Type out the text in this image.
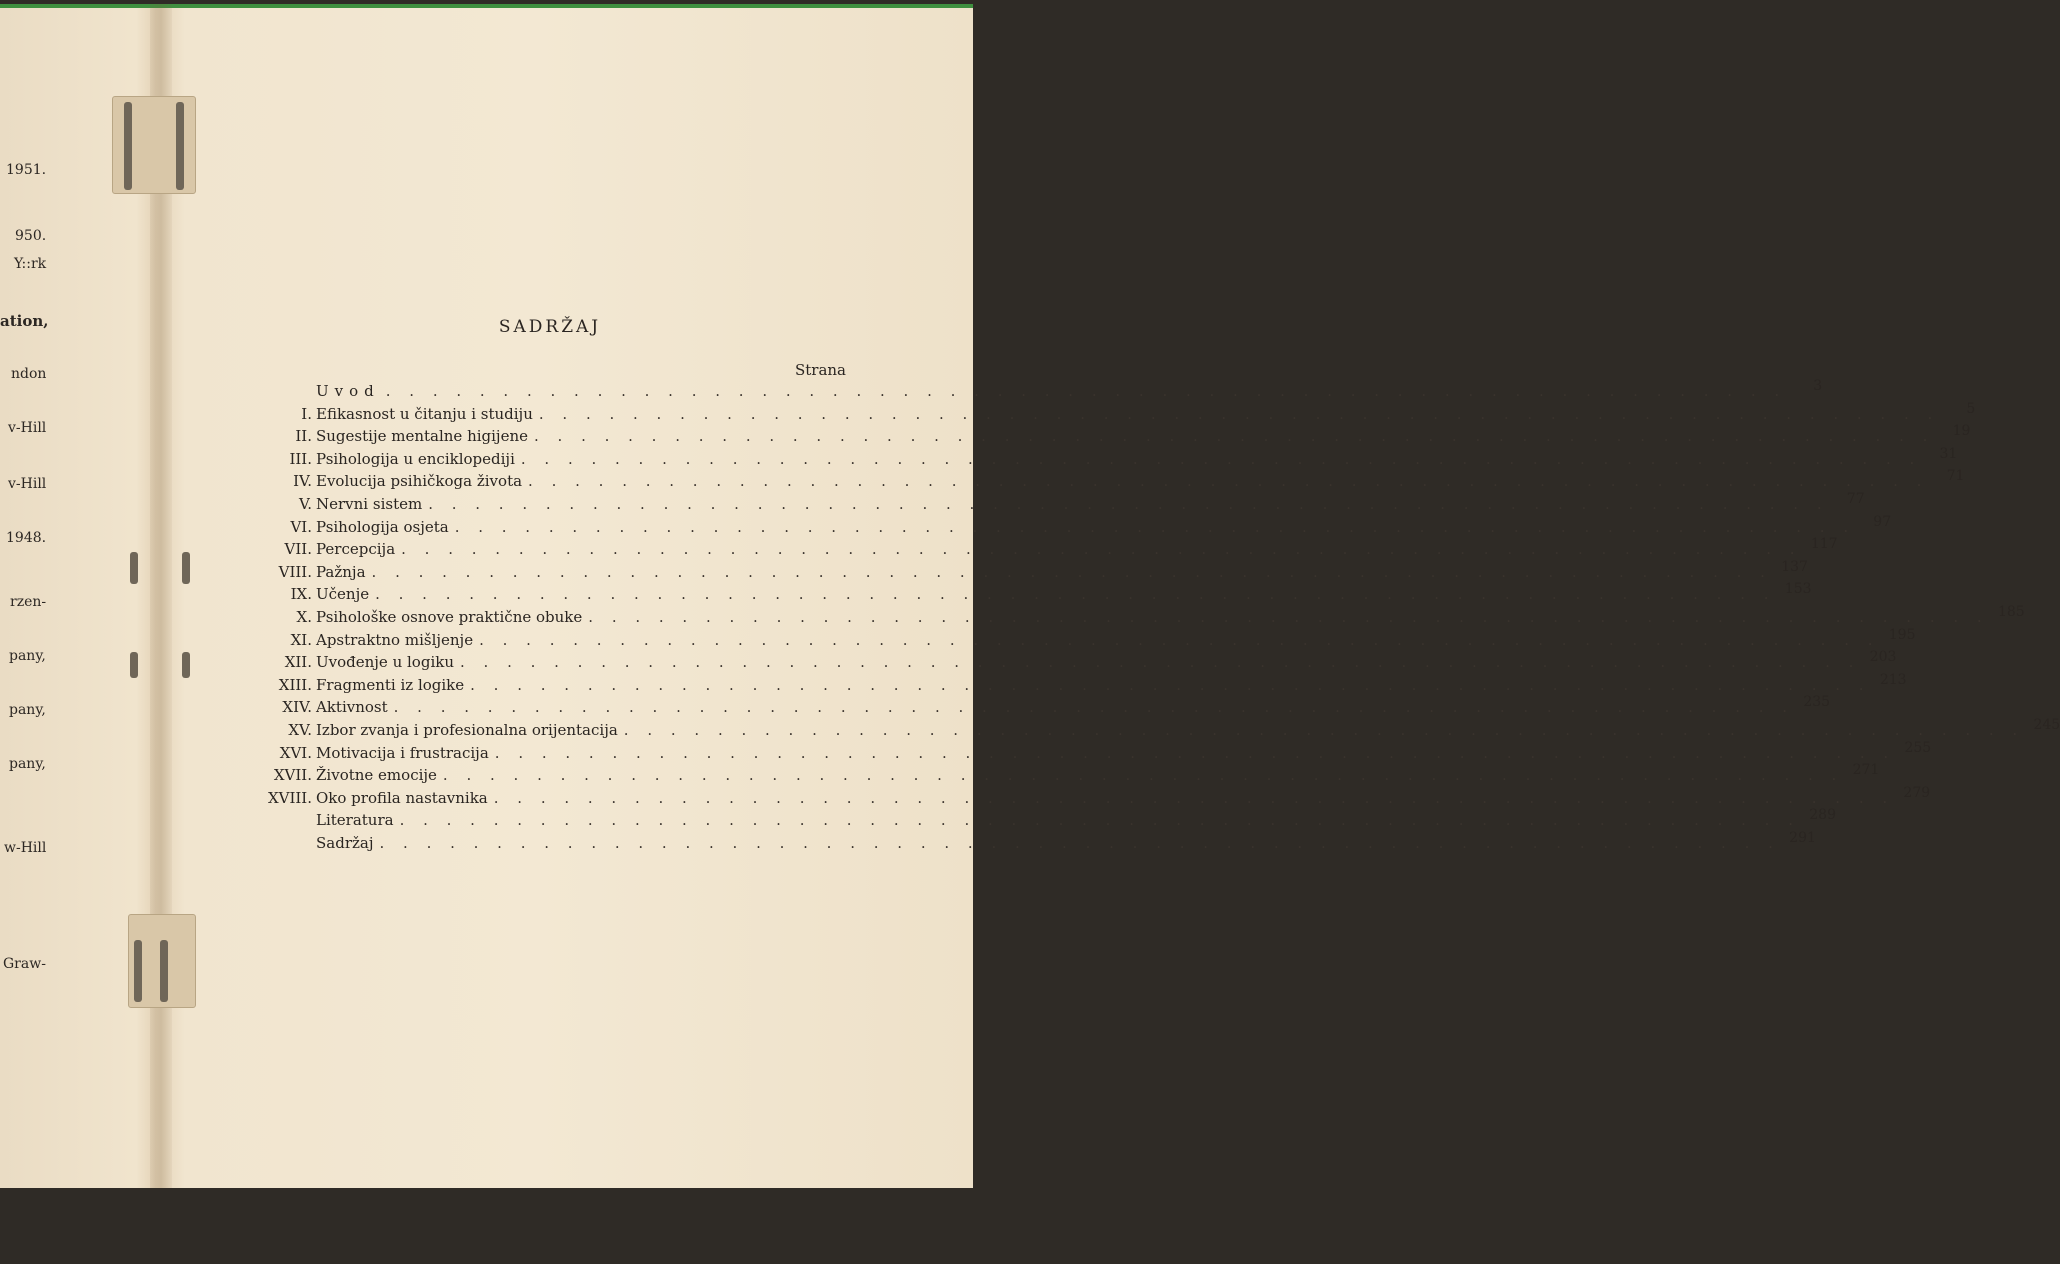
1951.
950.
Y::rk
ation,
ndon
v-Hill
v-Hill
1948.
rzen-
pany,
pany,
pany,
w-Hill
Graw-
SADRŽAJ
Strana
Uvod . . . . . . . . . . . . . . . . . . . . . . . . . . . . . . . . . . . . . . . . . . . . . . . . . . . . . . . . . . . .	3
I. Efikasnost u čitanju i studiju . . . . . . . . . . . . . . . . . . . . . . . . . . . . . . . . . . . . . . . . . . . . . . . . . . . . . . . . . . . .	5
II. Sugestije mentalne higijene . . . . . . . . . . . . . . . . . . . . . . . . . . . . . . . . . . . . . . . . . . . . . . . . . . . . . . . . . . . .	19
III. Psihologija u enciklopediji . . . . . . . . . . . . . . . . . . . . . . . . . . . . . . . . . . . . . . . . . . . . . . . . . . . . . . . . . . . .	31
IV. Evolucija psihičkoga života . . . . . . . . . . . . . . . . . . . . . . . . . . . . . . . . . . . . . . . . . . . . . . . . . . . . . . . . . . . .	71
V. Nervni sistem . . . . . . . . . . . . . . . . . . . . . . . . . . . . . . . . . . . . . . . . . . . . . . . . . . . . . . . . . . . .	77
VI. Psihologija osjeta . . . . . . . . . . . . . . . . . . . . . . . . . . . . . . . . . . . . . . . . . . . . . . . . . . . . . . . . . . . .	97
VII. Percepcija . . . . . . . . . . . . . . . . . . . . . . . . . . . . . . . . . . . . . . . . . . . . . . . . . . . . . . . . . . . . 117
VIII. Pažnja . . . . . . . . . . . . . . . . . . . . . . . . . . . . . . . . . . . . . . . . . . . . . . . . . . . . . . . . . . . . 137
IX. Učenje . . . . . . . . . . . . . . . . . . . . . . . . . . . . . . . . . . . . . . . . . . . . . . . . . . . . . . . . . . . . 153
X. Psihološke osnove praktične obuke . . . . . . . . . . . . . . . . . . . . . . . . . . . . . . . . . . . . . . . . . . . . . . . . . . . . . . . . . . . . 185
XI. Apstraktno mišljenje . . . . . . . . . . . . . . . . . . . . . . . . . . . . . . . . . . . . . . . . . . . . . . . . . . . . . . . . . . . . 195
XII. Uvođenje u logiku . . . . . . . . . . . . . . . . . . . . . . . . . . . . . . . . . . . . . . . . . . . . . . . . . . . . . . . . . . . . 203
XIII. Fragmenti iz logike . . . . . . . . . . . . . . . . . . . . . . . . . . . . . . . . . . . . . . . . . . . . . . . . . . . . . . . . . . . . 213
XIV. Aktivnost . . . . . . . . . . . . . . . . . . . . . . . . . . . . . . . . . . . . . . . . . . . . . . . . . . . . . . . . . . . . 235
XV. Izbor zvanja i profesionalna orijentacija . . . . . . . . . . . . . . . . . . . . . . . . . . . . . . . . . . . . . . . . . . . . . . . . . . . . . . . . . . . . 245
XVI. Motivacija i frustracija . . . . . . . . . . . . . . . . . . . . . . . . . . . . . . . . . . . . . . . . . . . . . . . . . . . . . . . . . . . . 255
XVII. Životne emocije . . . . . . . . . . . . . . . . . . . . . . . . . . . . . . . . . . . . . . . . . . . . . . . . . . . . . . . . . . . . 271
XVIII. Oko profila nastavnika . . . . . . . . . . . . . . . . . . . . . . . . . . . . . . . . . . . . . . . . . . . . . . . . . . . . . . . . . . . . 279
Literatura . . . . . . . . . . . . . . . . . . . . . . . . . . . . . . . . . . . . . . . . . . . . . . . . . . . . . . . . . . . . 289
Sadržaj . . . . . . . . . . . . . . . . . . . . . . . . . . . . . . . . . . . . . . . . . . . . . . . . . . . . . . . . . . . . 291
